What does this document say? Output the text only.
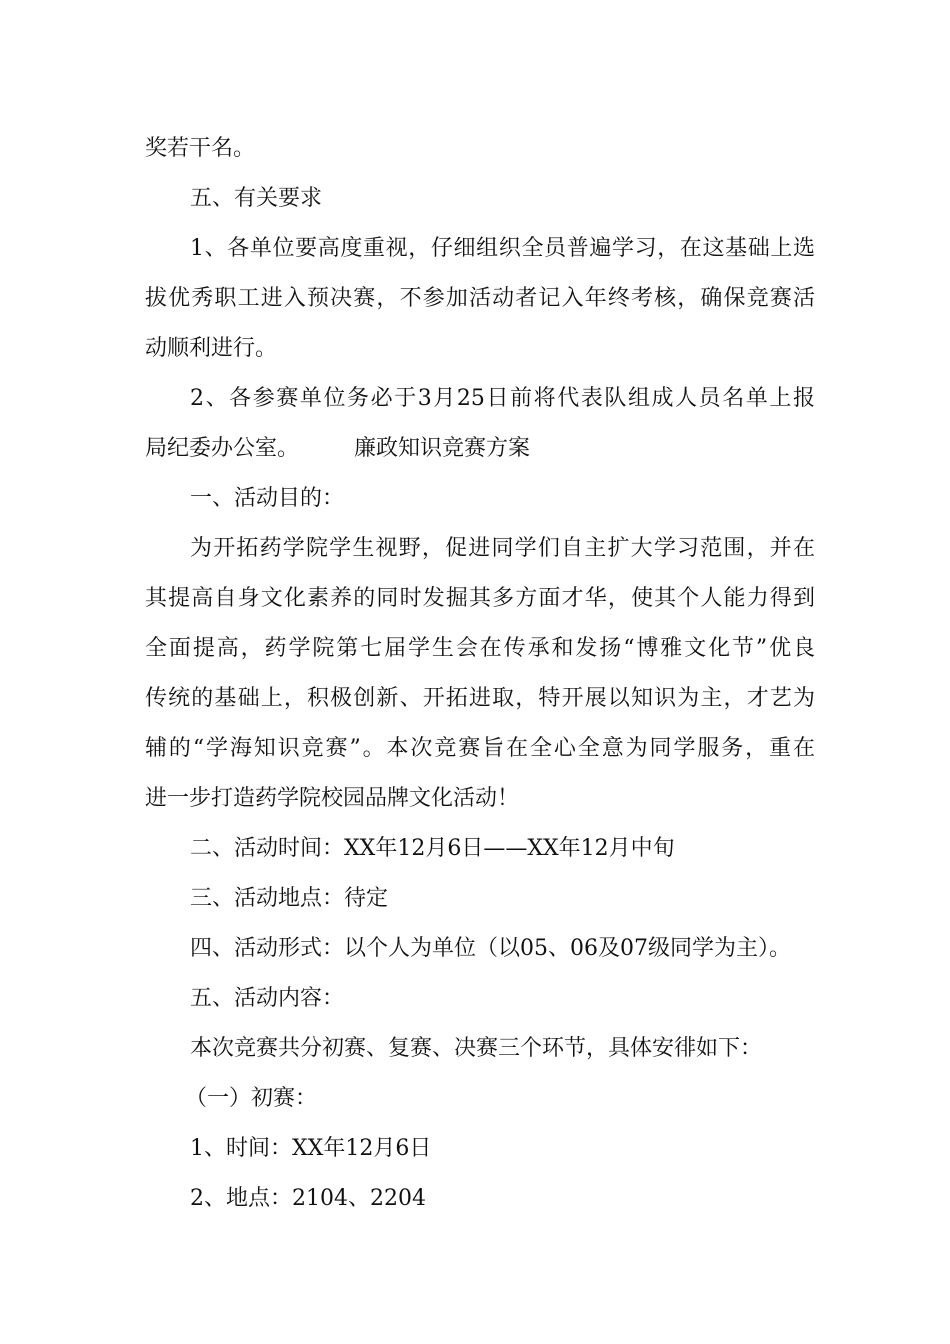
奖若干名。
五、有关要求
1、各单位要高度重视，仔细组织全员普遍学习，在这基础上选
拔优秀职工进入预决赛，不参加活动者记入年终考核，确保竞赛活
动顺利进行。
2、各参赛单位务必于3月25日前将代表队组成人员名单上报
局纪委办公室。　　　廉政知识竞赛方案
一、活动目的：
为开拓药学院学生视野，促进同学们自主扩大学习范围，并在
其提高自身文化素养的同时发掘其多方面才华，使其个人能力得到
全面提高，药学院第七届学生会在传承和发扬“博雅文化节”优良
传统的基础上，积极创新、开拓进取，特开展以知识为主，才艺为
辅的“学海知识竞赛”。本次竞赛旨在全心全意为同学服务，重在
进一步打造药学院校园品牌文化活动！
二、活动时间：XX年12月6日——XX年12月中旬
三、活动地点：待定
四、活动形式：以个人为单位（以05、06及07级同学为主）。
五、活动内容：
本次竞赛共分初赛、复赛、决赛三个环节，具体安徘如下：
（一）初赛：
1、时间：XX年12月6日
2、地点：2104、2204
